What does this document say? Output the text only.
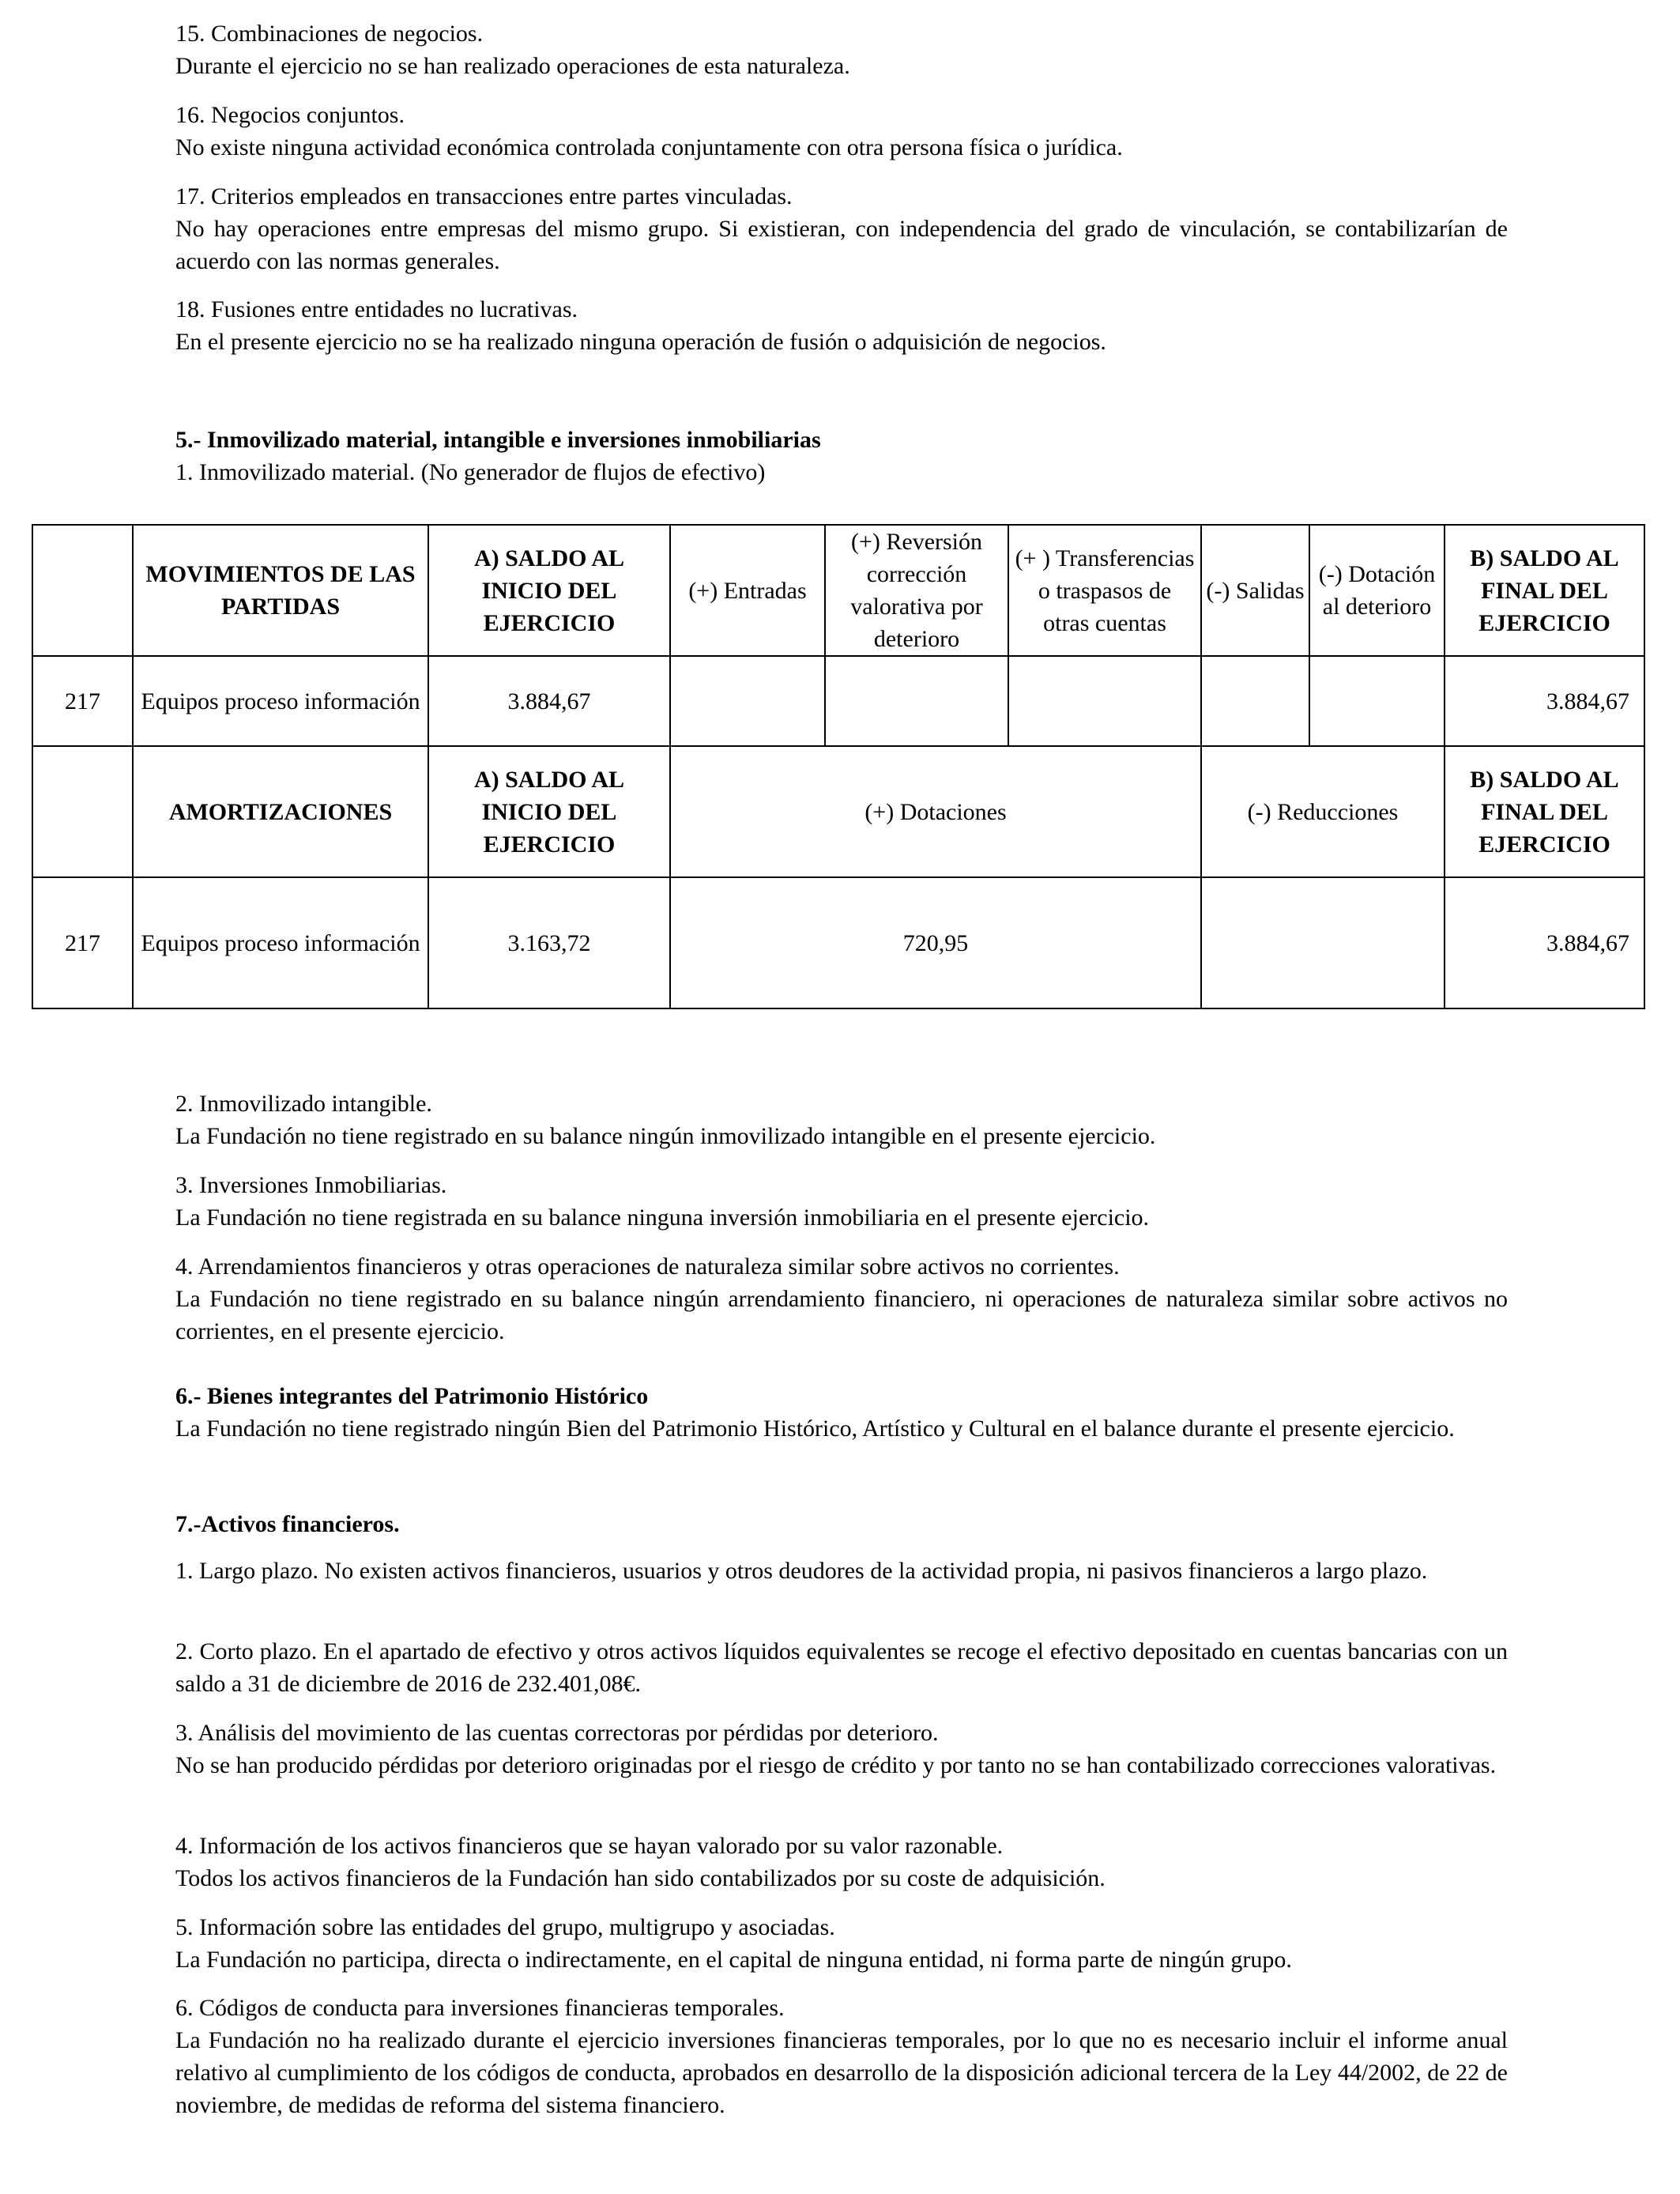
15. Combinaciones de negocios.
Durante el ejercicio no se han realizado operaciones de esta naturaleza.
16. Negocios conjuntos.
No existe ninguna actividad económica controlada conjuntamente con otra persona física o jurídica.
17. Criterios empleados en transacciones entre partes vinculadas.
No hay operaciones entre empresas del mismo grupo. Si existieran, con independencia del grado de vinculación, se contabilizarían de acuerdo con las normas generales.
18. Fusiones entre entidades no lucrativas.
En el presente ejercicio no se ha realizado ninguna operación de fusión o adquisición de negocios.
5.- Inmovilizado material, intangible e inversiones inmobiliarias
1. Inmovilizado material. (No generador de flujos de efectivo)
	MOVIMIENTOS DE LAS PARTIDAS	A) SALDO AL INICIO DEL EJERCICIO	(+) Entradas	(+) Reversión corrección valorativa por deterioro	(+ ) Transferencias o traspasos de otras cuentas	(-) Salidas	(-) Dotación al deterioro	B) SALDO AL FINAL DEL EJERCICIO
217	Equipos proceso información	3.884,67						3.884,67
	AMORTIZACIONES	A) SALDO AL INICIO DEL EJERCICIO	(+) Dotaciones			(-) Reducciones		B) SALDO AL FINAL DEL EJERCICIO
217	Equipos proceso información	3.163,72	720,95					3.884,67
2. Inmovilizado intangible.
La Fundación no tiene registrado en su balance ningún inmovilizado intangible en el presente ejercicio.
3. Inversiones Inmobiliarias.
La Fundación no tiene registrada en su balance ninguna inversión inmobiliaria en el presente ejercicio.
4. Arrendamientos financieros y otras operaciones de naturaleza similar sobre activos no corrientes.
La Fundación no tiene registrado en su balance ningún arrendamiento financiero, ni operaciones de naturaleza similar sobre activos no corrientes, en el presente ejercicio.
6.- Bienes integrantes del Patrimonio Histórico
La Fundación no tiene registrado ningún Bien del Patrimonio Histórico, Artístico y Cultural en el balance durante el presente ejercicio.
7.-Activos financieros.
1. Largo plazo. No existen activos financieros, usuarios y otros deudores de la actividad propia, ni pasivos financieros a largo plazo.
2. Corto plazo. En el apartado de efectivo y otros activos líquidos equivalentes se recoge el efectivo depositado en cuentas bancarias con un saldo a 31 de diciembre de 2016 de 232.401,08€.
3. Análisis del movimiento de las cuentas correctoras por pérdidas por deterioro.
No se han producido pérdidas por deterioro originadas por el riesgo de crédito y por tanto no se han contabilizado correcciones valorativas.
4. Información de los activos financieros que se hayan valorado por su valor razonable.
Todos los activos financieros de la Fundación han sido contabilizados por su coste de adquisición.
5. Información sobre las entidades del grupo, multigrupo y asociadas.
La Fundación no participa, directa o indirectamente, en el capital de ninguna entidad, ni forma parte de ningún grupo.
6. Códigos de conducta para inversiones financieras temporales.
La Fundación no ha realizado durante el ejercicio inversiones financieras temporales, por lo que no es necesario incluir el informe anual relativo al cumplimiento de los códigos de conducta, aprobados en desarrollo de la disposición adicional tercera de la Ley 44/2002, de 22 de noviembre, de medidas de reforma del sistema financiero.
